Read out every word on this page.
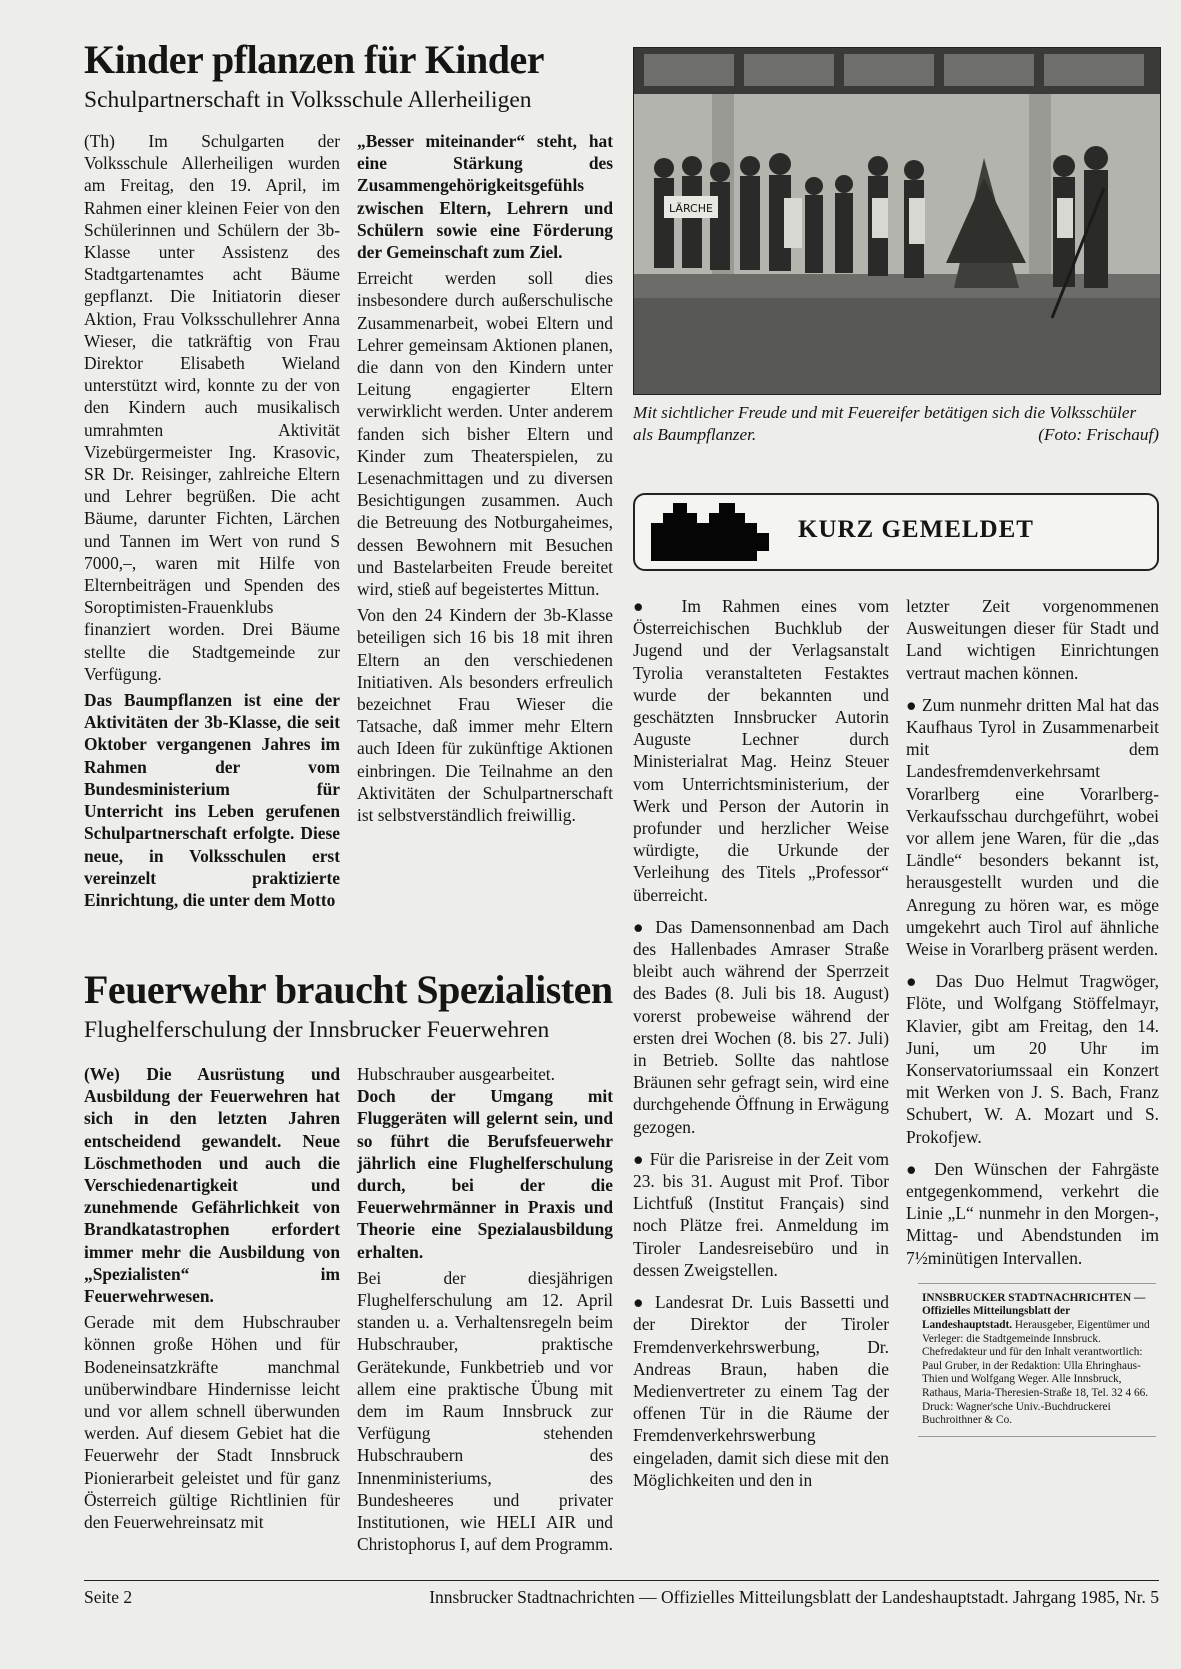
Kinder pflanzen für Kinder
Schulpartnerschaft in Volksschule Allerheiligen

(Th) Im Schulgarten der Volksschule Allerheiligen wurden am Freitag, den 19. April, im Rahmen einer kleinen Feier von den Schülerinnen und Schülern der 3b-Klasse unter Assistenz des Stadtgartenamtes acht Bäume gepflanzt. Die Initiatorin dieser Aktion, Frau Volksschullehrer Anna Wieser, die tatkräftig von Frau Direktor Elisabeth Wieland unterstützt wird, konnte zu der von den Kindern auch musikalisch umrahmten Aktivität Vizebürgermeister Ing. Krasovic, SR Dr. Reisinger, zahlreiche Eltern und Lehrer begrüßen. Die acht Bäume, darunter Fichten, Lärchen und Tannen im Wert von rund S 7000,–, waren mit Hilfe von Elternbeiträgen und Spenden des Soroptimisten-Frauenklubs finanziert worden. Drei Bäume stellte die Stadtgemeinde zur Verfügung.

Das Baumpflanzen ist eine der Aktivitäten der 3b-Klasse, die seit Oktober vergangenen Jahres im Rahmen der vom Bundesministerium für Unterricht ins Leben gerufenen Schulpartnerschaft erfolgte. Diese neue, in Volksschulen erst vereinzelt praktizierte Einrichtung, die unter dem Motto

„Besser miteinander“ steht, hat eine Stärkung des Zusammengehörigkeitsgefühls zwischen Eltern, Lehrern und Schülern sowie eine Förderung der Gemeinschaft zum Ziel.

Erreicht werden soll dies insbesondere durch außerschulische Zusammenarbeit, wobei Eltern und Lehrer gemeinsam Aktionen planen, die dann von den Kindern unter Leitung engagierter Eltern verwirklicht werden. Unter anderem fanden sich bisher Eltern und Kinder zum Theaterspielen, zu Lesenachmittagen und zu diversen Besichtigungen zusammen. Auch die Betreuung des Notburgaheimes, dessen Bewohnern mit Besuchen und Bastelarbeiten Freude bereitet wird, stieß auf begeistertes Mittun.

Von den 24 Kindern der 3b-Klasse beteiligen sich 16 bis 18 mit ihren Eltern an den verschiedenen Initiativen. Als besonders erfreulich bezeichnet Frau Wieser die Tatsache, daß immer mehr Eltern auch Ideen für zukünftige Aktionen einbringen. Die Teilnahme an den Aktivitäten der Schulpartnerschaft ist selbstverständlich freiwillig.

LÄRCHE
Mit sichtlicher Freude und mit Feuereifer betätigen sich die Volksschüler als Baumpflanzer.	(Foto: Frischauf)
KURZ GEMELDET

● Im Rahmen eines vom Österreichischen Buchklub der Jugend und der Verlagsanstalt Tyrolia veranstalteten Festaktes wurde der bekannten und geschätzten Innsbrucker Autorin Auguste Lechner durch Ministerialrat Mag. Heinz Steuer vom Unterrichtsministerium, der Werk und Person der Autorin in profunder und herzlicher Weise würdigte, die Urkunde der Verleihung des Titels „Professor“ überreicht.

● Das Damensonnenbad am Dach des Hallenbades Amraser Straße bleibt auch während der Sperrzeit des Bades (8. Juli bis 18. August) vorerst probeweise während der ersten drei Wochen (8. bis 27. Juli) in Betrieb. Sollte das nahtlose Bräunen sehr gefragt sein, wird eine durchgehende Öffnung in Erwägung gezogen.

● Für die Parisreise in der Zeit vom 23. bis 31. August mit Prof. Tibor Lichtfuß (Institut Français) sind noch Plätze frei. Anmeldung im Tiroler Landesreisebüro und in dessen Zweigstellen.

● Landesrat Dr. Luis Bassetti und der Direktor der Tiroler Fremdenverkehrswerbung, Dr. Andreas Braun, haben die Medienvertreter zu einem Tag der offenen Tür in die Räume der Fremdenverkehrswerbung eingeladen, damit sich diese mit den Möglichkeiten und den in

letzter Zeit vorgenommenen Ausweitungen dieser für Stadt und Land wichtigen Einrichtungen vertraut machen können.

● Zum nunmehr dritten Mal hat das Kaufhaus Tyrol in Zusammenarbeit mit dem Landesfremdenverkehrsamt Vorarlberg eine Vorarlberg-Verkaufsschau durchgeführt, wobei vor allem jene Waren, für die „das Ländle“ besonders bekannt ist, herausgestellt wurden und die Anregung zu hören war, es möge umgekehrt auch Tirol auf ähnliche Weise in Vorarlberg präsent werden.

● Das Duo Helmut Tragwöger, Flöte, und Wolfgang Stöffelmayr, Klavier, gibt am Freitag, den 14. Juni, um 20 Uhr im Konservatoriumssaal ein Konzert mit Werken von J. S. Bach, Franz Schubert, W. A. Mozart und S. Prokofjew.

● Den Wünschen der Fahrgäste entgegenkommend, verkehrt die Linie „L“ nunmehr in den Morgen-, Mittag- und Abendstunden im 7½minütigen Intervallen.

INNSBRUCKER STADTNACHRICHTEN — Offizielles Mitteilungsblatt der Landeshauptstadt. Herausgeber, Eigentümer und Verleger: die Stadtgemeinde Innsbruck. Chefredakteur und für den Inhalt verantwortlich: Paul Gruber, in der Redaktion: Ulla Ehringhaus-Thien und Wolfgang Weger. Alle Innsbruck, Rathaus, Maria-Theresien-Straße 18, Tel. 32 4 66. Druck: Wagner'sche Univ.-Buchdruckerei Buchroithner & Co.
Feuerwehr braucht Spezialisten
Flughelferschulung der Innsbrucker Feuerwehren

(We) Die Ausrüstung und Ausbildung der Feuerwehren hat sich in den letzten Jahren entscheidend gewandelt. Neue Löschmethoden und auch die Verschiedenartigkeit und zunehmende Gefährlichkeit von Brandkatastrophen erfordert immer mehr die Ausbildung von „Spezialisten“ im Feuerwehrwesen.

Gerade mit dem Hubschrauber können große Höhen und für Bodeneinsatzkräfte manchmal unüberwindbare Hindernisse leicht und vor allem schnell überwunden werden. Auf diesem Gebiet hat die Feuerwehr der Stadt Innsbruck Pionierarbeit geleistet und für ganz Österreich gültige Richtlinien für den Feuerwehreinsatz mit

Hubschrauber ausgearbeitet.

Doch der Umgang mit Fluggeräten will gelernt sein, und so führt die Berufsfeuerwehr jährlich eine Flughelferschulung durch, bei der die Feuerwehrmänner in Praxis und Theorie eine Spezialausbildung erhalten.

Bei der diesjährigen Flughelferschulung am 12. April standen u. a. Verhaltensregeln beim Hubschrauber, praktische Gerätekunde, Funkbetrieb und vor allem eine praktische Übung mit dem im Raum Innsbruck zur Verfügung stehenden Hubschraubern des Innenministeriums, des Bundesheeres und privater Institutionen, wie HELI AIR und Christophorus I, auf dem Programm.

Seite 2	Innsbrucker Stadtnachrichten — Offizielles Mitteilungsblatt der Landeshauptstadt. Jahrgang 1985, Nr. 5
